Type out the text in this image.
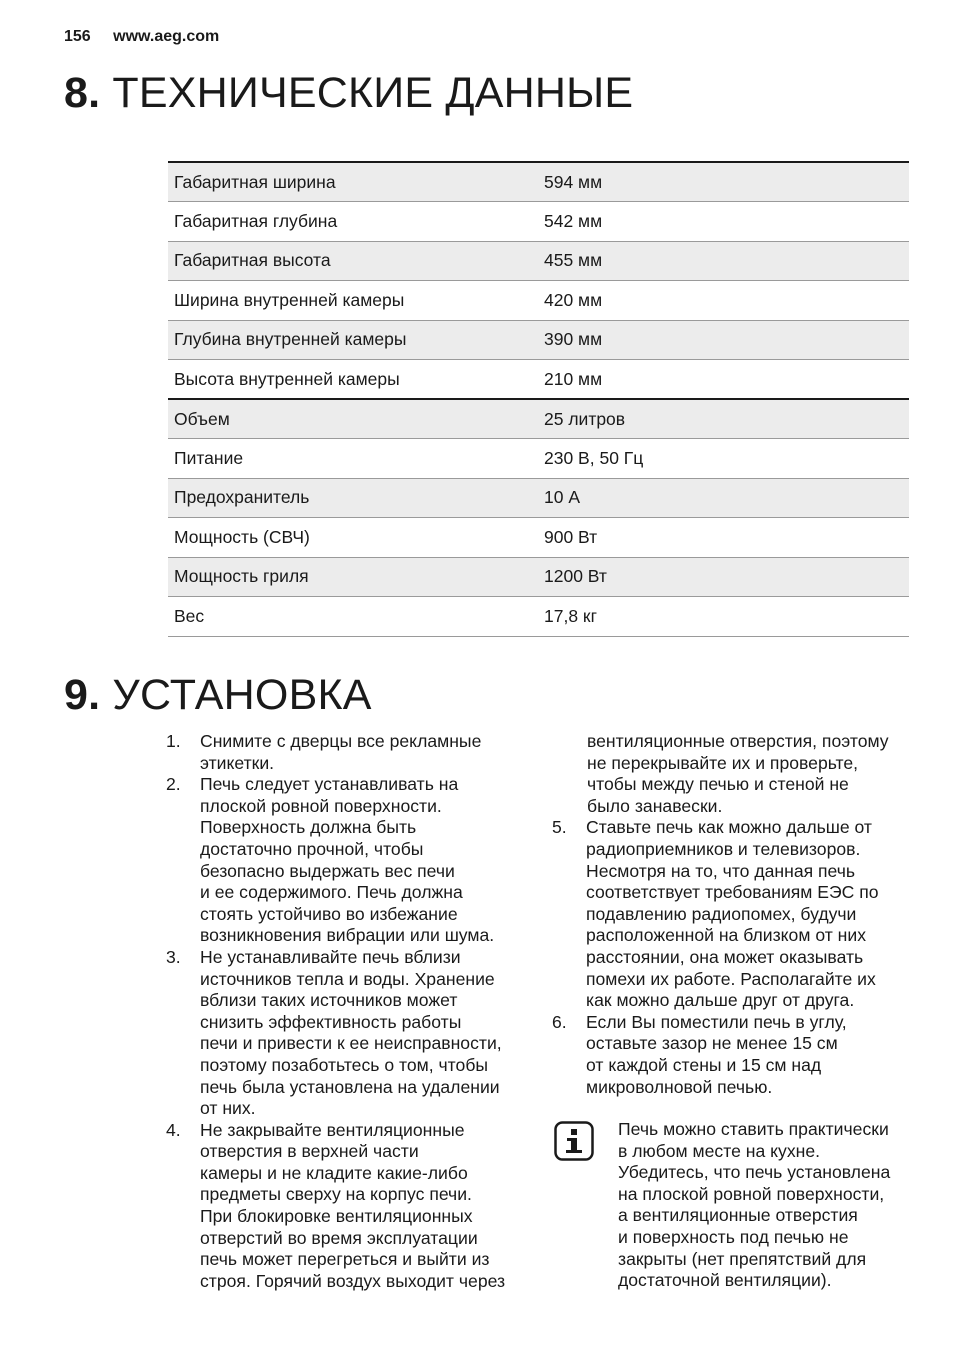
156 www.aeg.com
8. ТЕХНИЧЕСКИЕ ДАННЫЕ
Габаритная ширина	594 мм
Габаритная глубина	542 мм
Габаритная высота	455 мм
Ширина внутренней камеры	420 мм
Глубина внутренней камеры	390 мм
Высота внутренней камеры	210 мм
Объем	25 литров
Питание	230 В, 50 Гц
Предохранитель	10 А
Мощность (СВЧ)	900 Вт
Мощность гриля	1200 Вт
Вес	17,8 кг
9. УСТАНОВКА
1.	Снимите с дверцы все рекламные
этикетки.
2.	Печь следует устанавливать на
плоской ровной поверхности.
Поверхность должна быть
достаточно прочной, чтобы
безопасно выдержать вес печи
и ее содержимого. Печь должна
стоять устойчиво во избежание
возникновения вибрации или шума.
3.	Не устанавливайте печь вблизи
источников тепла и воды. Хранение
вблизи таких источников может
снизить эффективность работы
печи и привести к ее неисправности,
поэтому позаботьтесь о том, чтобы
печь была установлена на удалении
от них.
4.	Не закрывайте вентиляционные
отверстия в верхней части
камеры и не кладите какие-либо
предметы сверху на корпус печи.
При блокировке вентиляционных
отверстий во время эксплуатации
печь может перегреться и выйти из
строя. Горячий воздух выходит через
вентиляционные отверстия, поэтому
не перекрывайте их и проверьте,
чтобы между печью и стеной не
было занавески.
5.	Ставьте печь как можно дальше от
радиоприемников и телевизоров.
Несмотря на то, что данная печь
соответствует требованиям ЕЭС по
подавлению радиопомех, будучи
расположенной на близком от них
расстоянии, она может оказывать
помехи их работе. Располагайте их
как можно дальше друг от друга.
6.	Если Вы поместили печь в углу,
оставьте зазор не менее 15 см
от каждой стены и 15 см над
микроволновой печью.
Печь можно ставить практически
в любом месте на кухне.
Убедитесь, что печь установлена
на плоской ровной поверхности,
а вентиляционные отверстия
и поверхность под печью не
закрыты (нет препятствий для
достаточной вентиляции).
